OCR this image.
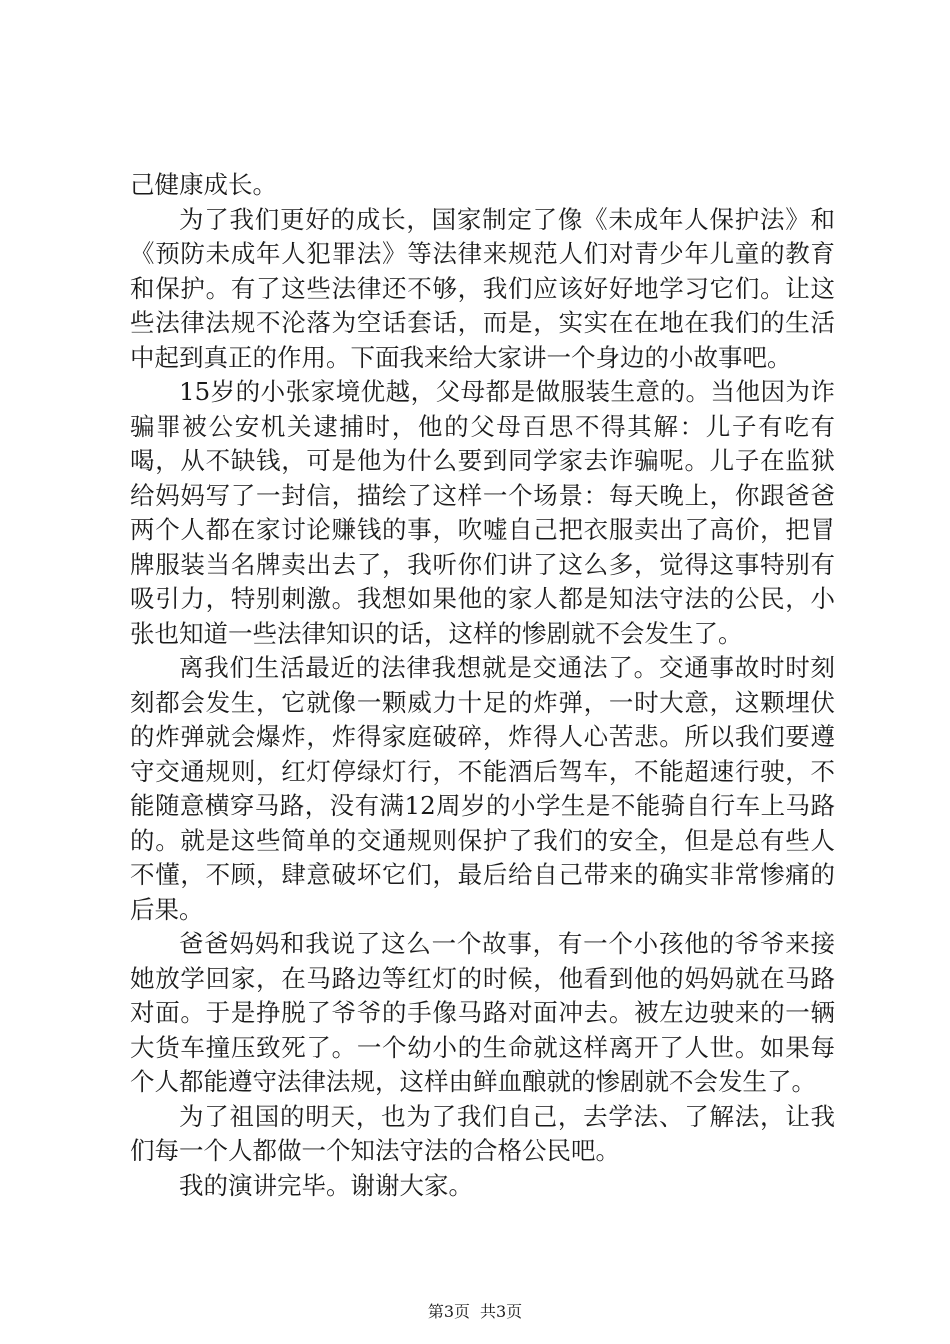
己健康成长。

为了我们更好的成长，国家制定了像《未成年人保护法》和《预防未成年人犯罪法》等法律来规范人们对青少年儿童的教育和保护。有了这些法律还不够，我们应该好好地学习它们。让这些法律法规不沦落为空话套话，而是，实实在在地在我们的生活中起到真正的作用。下面我来给大家讲一个身边的小故事吧。

15岁的小张家境优越，父母都是做服装生意的。当他因为诈骗罪被公安机关逮捕时，他的父母百思不得其解：儿子有吃有喝，从不缺钱，可是他为什么要到同学家去诈骗呢。儿子在监狱给妈妈写了一封信，描绘了这样一个场景：每天晚上，你跟爸爸两个人都在家讨论赚钱的事，吹嘘自己把衣服卖出了高价，把冒牌服装当名牌卖出去了，我听你们讲了这么多，觉得这事特别有吸引力，特别刺激。我想如果他的家人都是知法守法的公民，小张也知道一些法律知识的话，这样的惨剧就不会发生了。

离我们生活最近的法律我想就是交通法了。交通事故时时刻刻都会发生，它就像一颗威力十足的炸弹，一时大意，这颗埋伏的炸弹就会爆炸，炸得家庭破碎，炸得人心苦悲。所以我们要遵守交通规则，红灯停绿灯行，不能酒后驾车，不能超速行驶，不能随意横穿马路，没有满12周岁的小学生是不能骑自行车上马路的。就是这些简单的交通规则保护了我们的安全，但是总有些人不懂，不顾，肆意破坏它们，最后给自己带来的确实非常惨痛的后果。

爸爸妈妈和我说了这么一个故事，有一个小孩他的爷爷来接她放学回家，在马路边等红灯的时候，他看到他的妈妈就在马路对面。于是挣脱了爷爷的手像马路对面冲去。被左边驶来的一辆大货车撞压致死了。一个幼小的生命就这样离开了人世。如果每个人都能遵守法律法规，这样由鲜血酿就的惨剧就不会发生了。

为了祖国的明天，也为了我们自己，去学法、了解法，让我们每一个人都做一个知法守法的合格公民吧。

我的演讲完毕。谢谢大家。

第3页 共3页
